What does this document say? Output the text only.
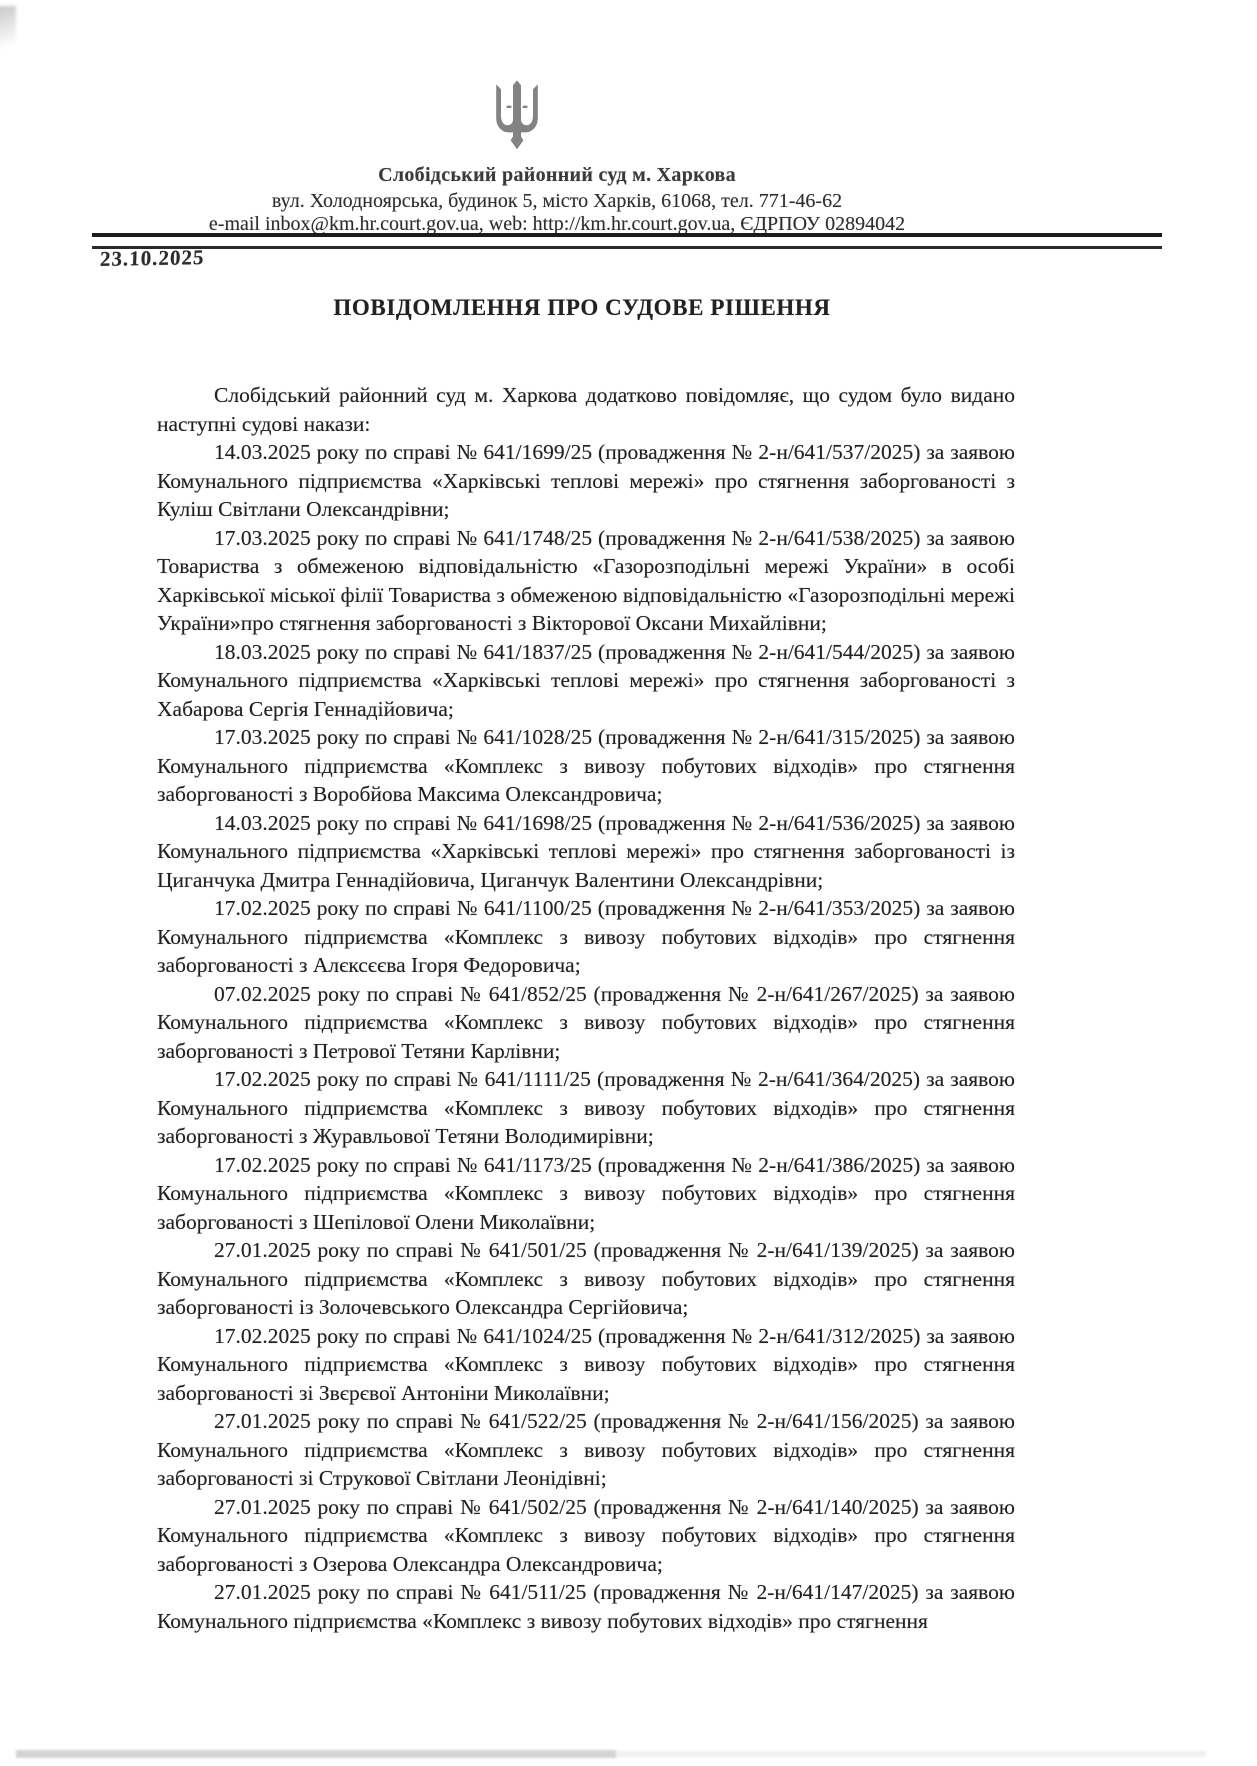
Слобідський районний суд м. Харкова
вул. Холодноярська, будинок 5, місто Харків, 61068, тел. 771-46-62
e-mail inbox@km.hr.court.gov.ua, web: http://km.hr.court.gov.ua, ЄДРПОУ 02894042
23.10.2025
ПОВІДОМЛЕННЯ ПРО СУДОВЕ РІШЕННЯ

Слобідський районний суд м. Харкова додатково повідомляє, що судом було видано наступні судові накази:

14.03.2025 року по справі № 641/1699/25 (провадження № 2-н/641/537/2025) за заявою Комунального підприємства «Харківські теплові мережі» про стягнення заборгованості з Куліш Світлани Олександрівни;

17.03.2025 року по справі № 641/1748/25 (провадження № 2-н/641/538/2025) за заявою Товариства з обмеженою відповідальністю «Газорозподільні мережі України» в особі Харківської міської філії Товариства з обмеженою відповідальністю «Газорозподільні мережі України»про стягнення заборгованості з Вікторової Оксани Михайлівни;

18.03.2025 року по справі № 641/1837/25 (провадження № 2-н/641/544/2025) за заявою Комунального підприємства «Харківські теплові мережі» про стягнення заборгованості з Хабарова Сергія Геннадійовича;

17.03.2025 року по справі № 641/1028/25 (провадження № 2-н/641/315/2025) за заявою Комунального підприємства «Комплекс з вивозу побутових відходів» про стягнення заборгованості з Воробйова Максима Олександровича;

14.03.2025 року по справі № 641/1698/25 (провадження № 2-н/641/536/2025) за заявою Комунального підприємства «Харківські теплові мережі» про стягнення заборгованості із Циганчука Дмитра Геннадійовича, Циганчук Валентини Олександрівни;

17.02.2025 року по справі № 641/1100/25 (провадження № 2-н/641/353/2025) за заявою Комунального підприємства «Комплекс з вивозу побутових відходів» про стягнення заборгованості з Алєксєєва Ігоря Федоровича;

07.02.2025 року по справі № 641/852/25 (провадження № 2-н/641/267/2025) за заявою Комунального підприємства «Комплекс з вивозу побутових відходів» про стягнення заборгованості з Петрової Тетяни Карлівни;

17.02.2025 року по справі № 641/1111/25 (провадження № 2-н/641/364/2025) за заявою Комунального підприємства «Комплекс з вивозу побутових відходів» про стягнення заборгованості з Журавльової Тетяни Володимирівни;

17.02.2025 року по справі № 641/1173/25 (провадження № 2-н/641/386/2025) за заявою Комунального підприємства «Комплекс з вивозу побутових відходів» про стягнення заборгованості з Шепілової Олени Миколаївни;

27.01.2025 року по справі № 641/501/25 (провадження № 2-н/641/139/2025) за заявою Комунального підприємства «Комплекс з вивозу побутових відходів» про стягнення заборгованості із Золочевського Олександра Сергійовича;

17.02.2025 року по справі № 641/1024/25 (провадження № 2-н/641/312/2025) за заявою Комунального підприємства «Комплекс з вивозу побутових відходів» про стягнення заборгованості зі Звєрєвої Антоніни Миколаївни;

27.01.2025 року по справі № 641/522/25 (провадження № 2-н/641/156/2025) за заявою Комунального підприємства «Комплекс з вивозу побутових відходів» про стягнення заборгованості зі Струкової Світлани Леонідівні;

27.01.2025 року по справі № 641/502/25 (провадження № 2-н/641/140/2025) за заявою Комунального підприємства «Комплекс з вивозу побутових відходів» про стягнення заборгованості з Озерова Олександра Олександровича;

27.01.2025 року по справі № 641/511/25 (провадження № 2-н/641/147/2025) за заявою Комунального підприємства «Комплекс з вивозу побутових відходів» про стягнення
